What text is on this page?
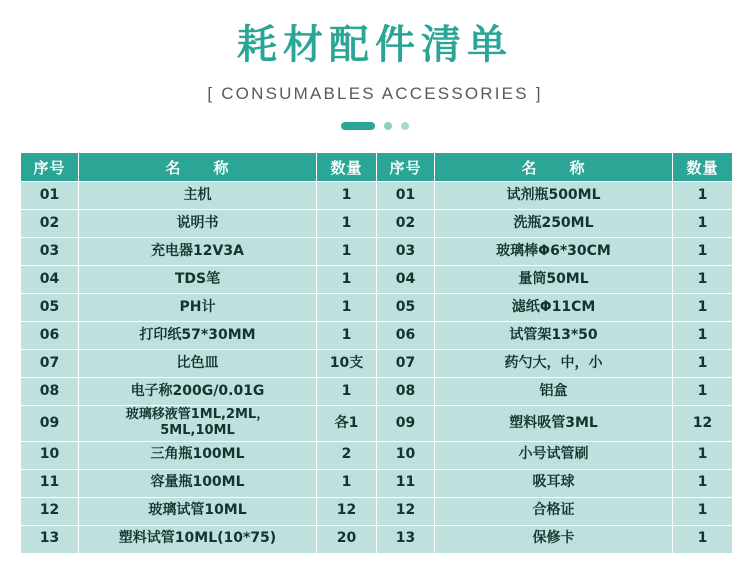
耗材配件清单
[ CONSUMABLES ACCESSORIES ]
序号	名　　称	数量	序号	名　　称	数量
01	主机	1	01	试剂瓶500ML	1
02	说明书	1	02	洗瓶250ML	1
03	充电器12V3A	1	03	玻璃棒Φ6*30CM	1
04	TDS笔	1	04	量筒50ML	1
05	PH计	1	05	滤纸Φ11CM	1
06	打印纸57*30MM	1	06	试管架13*50	1
07	比色皿	10支	07	药勺大，中，小	1
08	电子称200G/0.01G	1	08	铝盒	1
09	玻璃移液管1ML,2ML，
5ML,10ML	各1	09	塑料吸管3ML	12
10	三角瓶100ML	2	10	小号试管刷	1
11	容量瓶100ML	1	11	吸耳球	1
12	玻璃试管10ML	12	12	合格证	1
13	塑料试管10ML(10*75)	20	13	保修卡	1
